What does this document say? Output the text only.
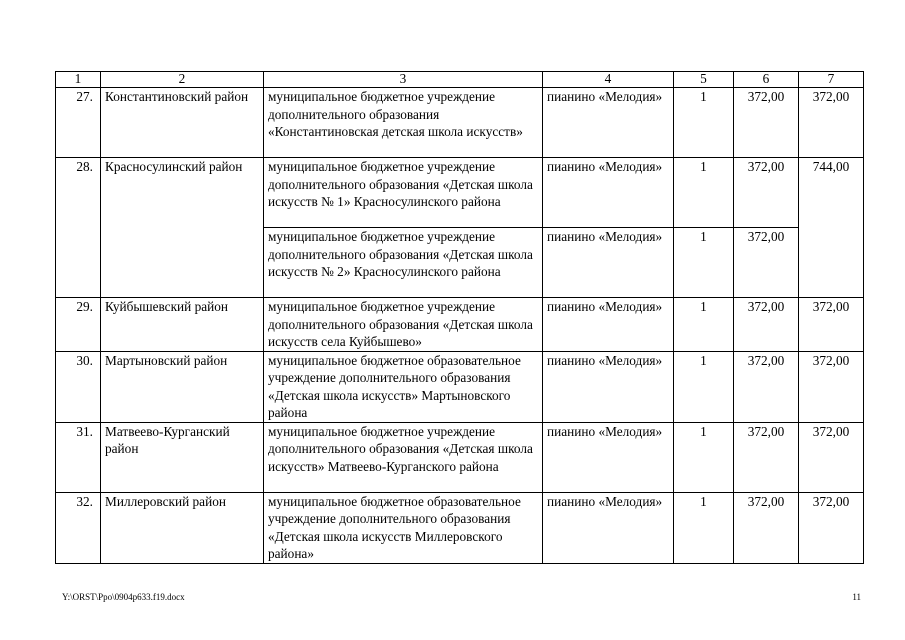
1	2	3	4	5	6	7
27.	Константиновский район	муниципальное бюджетное учреждение дополнительного образования «Константиновская детская школа искусств»	пианино «Мелодия»	1	372,00	372,00
28.	Красносулинский район	муниципальное бюджетное учреждение дополнительного образования «Детская школа искусств № 1» Красносулинского района	пианино «Мелодия»	1	372,00	744,00
		муниципальное бюджетное учреждение дополнительного образования «Детская школа искусств № 2» Красносулинского района	пианино «Мелодия»	1	372,00	
29.	Куйбышевский район	муниципальное бюджетное учреждение дополнительного образования «Детская школа искусств села Куйбышево»	пианино «Мелодия»	1	372,00	372,00
30.	Мартыновский район	муниципальное бюджетное образовательное учреждение дополнительного образования «Детская школа искусств» Мартыновского района	пианино «Мелодия»	1	372,00	372,00
31.	Матвеево-Курганский район	муниципальное бюджетное учреждение дополнительного образования «Детская школа искусств» Матвеево-Курганского района	пианино «Мелодия»	1	372,00	372,00
32.	Миллеровский район	муниципальное бюджетное образовательное учреждение дополнительного образования «Детская школа искусств Миллеровского района»	пианино «Мелодия»	1	372,00	372,00
Y:\ORST\Ppo\0904p633.f19.docx	11
